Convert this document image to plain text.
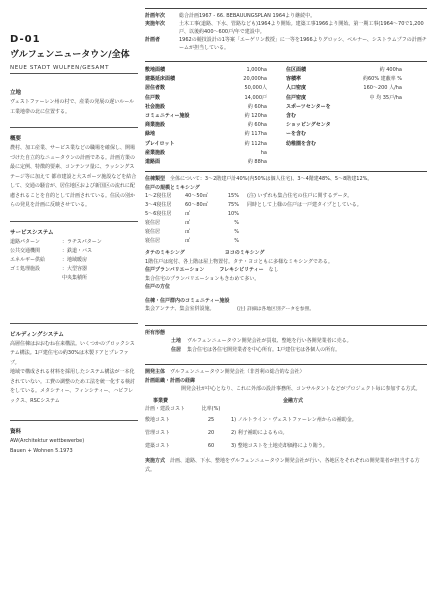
D-01
ヴルフェンニュータウン/全体
NEUE STADT WULFEN/GESAMT
立地

ヴェストファーレン州の村で、産業の発展の遅いルール工業地帯の北に位置する。

概要

農村、加工産業、サービス業などの職場を確保し、開場づけた自立的なニュータウンの計画である。計画方策の最に定例、特徴的要素、コンテンツ量に、ラッシングステージ等に加えて 都市建設と大スポーツ施設などを結合して、交通の騒音が、居住地区および新国区の流れに配慮されることを自的として計画されている。住民の別からの発見を計画に反映させている。

サービスシステム
道路パターン	：ラチスパターン
公共交通機関	：鉄道・バス
エネルギー供給	：地域暖房
ゴミ処理施設	：大型容器
中央集積所
ビルディングシステム

高層住棟はおおむね在来構法。いくつかのブロックシステム構法。1戸建住宅の約30%は木製ドアとプレファブ。

地域で構成される材料を採用したシステム構法が一本化されていない。工費の調整のため工法を統一化する検討をしている。メタシティー、フィンシティー、ハビフレックス、RSCシステム

資料

AW(Architektur wettbewerbe)

Bauen + Wohnen 5.1973

計画年次	総合計画1967 - 66. BEBAUUNGSPLAN 1964より継続中。
実施年次	土木工事(道路、下水、管路なども)1964より開始。建築工事1966より開始。第一期工事(1964〜70で1,200戸、以後約400〜600戸/年で建設中。
計画者	1962の競技設計の1等案「エーゲリン教授」に一等を1966よりグロッシ、ベルナー、シストラムプフの計画チームが担当している。
敷地面積	1,000ha
建築延床面積	20,000ha
居住者数	50,000人
住戸数	14,000戸
社会施設	約 60ha
コミュニティー施設	約 120ha
商業施設	約 60ha
緑地	約 117ha
プレイロット	約 112ha
産業施設	ha
道路面	約 88ha
住区面積	約 400ha
容積率	約60% 建蔽率 %
人口密度	160〜200 人/ha
住戸密度	中 均 35戸/ha
スポーツセンターを含む
ショッピングセンターを含む
幼稚園を含む

住棟類型　 全体について：3〜2階建戸計40%(内50%は個人住宅)、3〜4階建48%、5〜8階建12%。

住戸の規模とミキシング

1〜2寝住居	40〜50㎡	15%	(注) いずれも集合住宅の住戸に関するデータ。
3〜4寝住居	60〜80㎡	75%	同時として上様の住戸は一戸建タイプとしている。
5〜6寝住居	㎡	10%
寝住居	㎡	%
寝住居	㎡	%
寝住居	㎡	%

タテのミキシング　　　　　　　　	ヨコのミキシング

1階住戸は庭付、各上階は屋上物置付。タテ・ヨコともに多様なミキシングである。

住戸プランバリエーション　　　	フレキシビリティー　 なし

集合住宅のプランバリエーションもきわめて多い。

住戸の方位

住棟・住戸群内のコミュニティー施設

集会アンテナ、集会室併設施。　　　　　	(注) 詳細は各地区別データを参照。

所有形態

土地	ヴルフェンニュータウン開発会社が買収、整地を行い各開発業者に売る。
住居	集合住宅は各住宅開発業者を中心所有。1戸建住宅は各個人の所有。

開発主体　 ヴルフェンニュータウン開発会社（非営利の総合的な会社）

計画組織・計画の経緯

開発会社が中心となり、これに外部の設計事務所、コンサルタントなどがプロジェクト毎に参加する方式。

事業費	金融方式

計画・建設コスト	比率(%)
敷地コスト	25	1) ノルトライン・ヴェストファーレン州からの補助金。
管理コスト	20	2) 利子補助によるもの。
建築コスト	60	3) 整地コストを土地売却価格により賄う。

実施方式　 計画、道路、下水、整地をヴルフェンニュータウン開発会社が行い、各地区をそれぞれの開発業者が担当する方式。
